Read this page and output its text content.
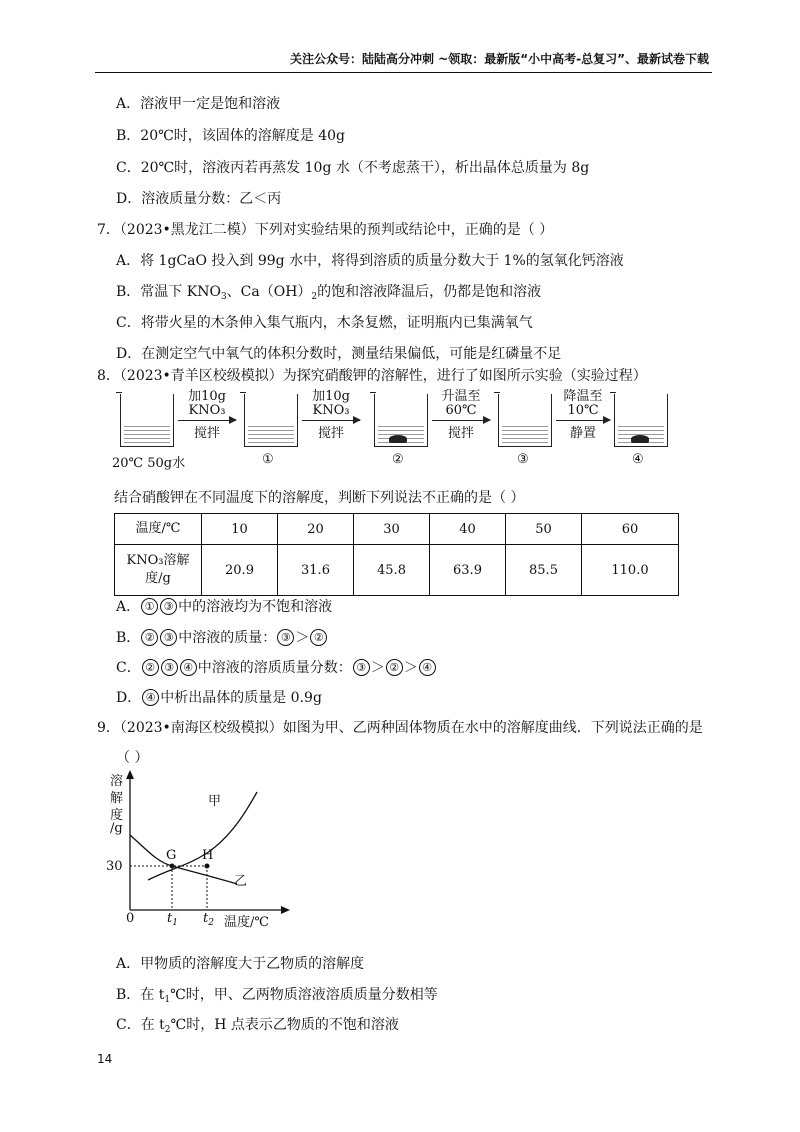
关注公众号：陆陆高分冲刺 ~领取：最新版“小中高考-总复习”、最新试卷下载
A．溶液甲一定是饱和溶液
B．20℃时，该固体的溶解度是 40g
C．20℃时，溶液丙若再蒸发 10g 水（不考虑蒸干），析出晶体总质量为 8g
D．溶液质量分数：乙＜丙
7．（2023•黑龙江二模）下列对实验结果的预判或结论中，正确的是（ ）
A．将 1gCaO 投入到 99g 水中，将得到溶质的质量分数大于 1%的氢氧化钙溶液
B．常温下 $KNO_3$、$Ca(OH)_2$的饱和溶液降温后，仍都是饱和溶液
C．将带火星的木条伸入集气瓶内，木条复燃，证明瓶内已集满氧气
D．在测定空气中氧气的体积分数时，测量结果偏低，可能是红磷量不足
8．（2023•青羊区校级模拟）为探究硝酸钾的溶解性，进行了如图所示实验（实验过程）
加10g
KNO₃
搅拌
加10g
KNO₃
搅拌
升温至
60℃
搅拌
降温至
10℃
静置
20℃ 50g水	①	②	③	④
结合硝酸钾在不同温度下的溶解度，判断下列说法不正确的是（ ）
温度/℃	10	20	30	40	50	60
KNO₃溶解
度/g	20.9	31.6	45.8	63.9	85.5	110.0
A． ① ③ 中的溶液均为不饱和溶液
B． ② ③ 中溶液的质量： ③ ＞ ②
C． ② ③ ④ 中溶液的溶质质量分数： ③ ＞ ② ＞ ④
D． ④ 中析出晶体的质量是 0.9g
9．（2023•南海区校级模拟）如图为甲、乙两种固体物质在水中的溶解度曲线．下列说法正确的是
（ ）
溶
解
度
/g
30
0	$t_1$ $t_2$ 温度/℃
甲
乙
G H
A．甲物质的溶解度大于乙物质的溶解度
B．在 $t_1℃$时，甲、乙两物质溶液溶质质量分数相等
C．在 $t_2℃$时，H 点表示乙物质的不饱和溶液
14
